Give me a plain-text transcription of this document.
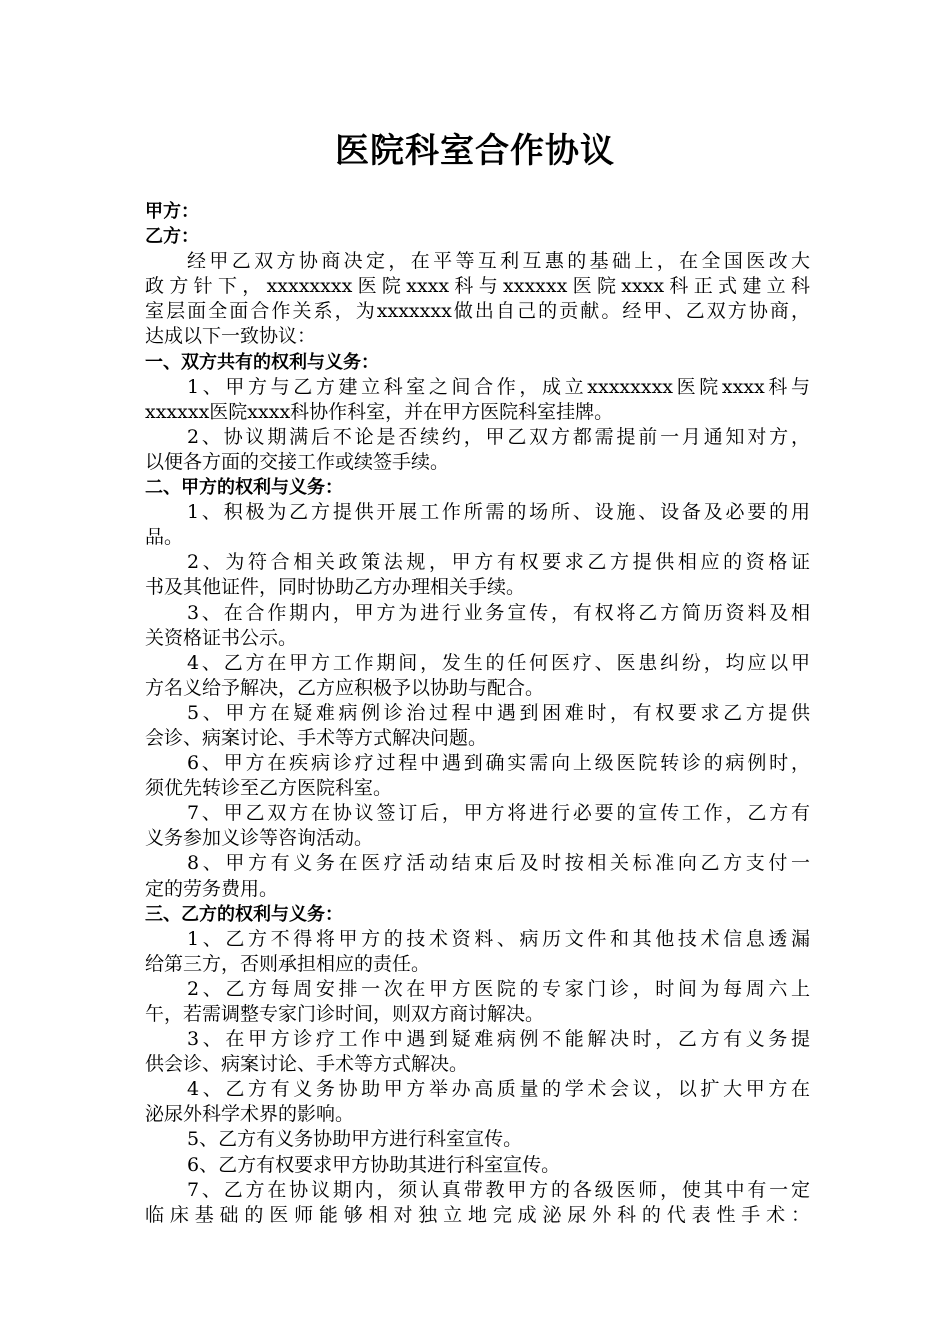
医院科室合作协议

甲方：

乙方：

经甲乙双方协商决定，在平等互利互惠的基础上，在全国医改大

政方针下，xxxxxxxx医院xxxx科与xxxxxx医院xxxx科正式建立科

室层面全面合作关系，为xxxxxxx做出自己的贡献。经甲、乙双方协商，

达成以下一致协议：

一、双方共有的权利与义务：

1、甲方与乙方建立科室之间合作，成立xxxxxxxx医院xxxx科与

xxxxxx医院xxxx科协作科室，并在甲方医院科室挂牌。

2、协议期满后不论是否续约，甲乙双方都需提前一月通知对方，

以便各方面的交接工作或续签手续。

二、甲方的权利与义务：

1、积极为乙方提供开展工作所需的场所、设施、设备及必要的用

品。

2、为符合相关政策法规，甲方有权要求乙方提供相应的资格证

书及其他证件，同时协助乙方办理相关手续。

3、在合作期内，甲方为进行业务宣传，有权将乙方简历资料及相

关资格证书公示。

4、乙方在甲方工作期间，发生的任何医疗、医患纠纷，均应以甲

方名义给予解决，乙方应积极予以协助与配合。

5、甲方在疑难病例诊治过程中遇到困难时，有权要求乙方提供

会诊、病案讨论、手术等方式解决问题。

6、甲方在疾病诊疗过程中遇到确实需向上级医院转诊的病例时，

须优先转诊至乙方医院科室。

7、甲乙双方在协议签订后，甲方将进行必要的宣传工作，乙方有

义务参加义诊等咨询活动。

8、甲方有义务在医疗活动结束后及时按相关标准向乙方支付一

定的劳务费用。

三、乙方的权利与义务：

1、乙方不得将甲方的技术资料、病历文件和其他技术信息透漏

给第三方，否则承担相应的责任。

2、乙方每周安排一次在甲方医院的专家门诊，时间为每周六上

午，若需调整专家门诊时间，则双方商讨解决。

3、在甲方诊疗工作中遇到疑难病例不能解决时，乙方有义务提

供会诊、病案讨论、手术等方式解决。

4、乙方有义务协助甲方举办高质量的学术会议，以扩大甲方在

泌尿外科学术界的影响。

5、乙方有义务协助甲方进行科室宣传。

6、乙方有权要求甲方协助其进行科室宣传。

7、乙方在协议期内，须认真带教甲方的各级医师，使其中有一定

临床基础的医师能够相对独立地完成泌尿外科的代表性手术：
